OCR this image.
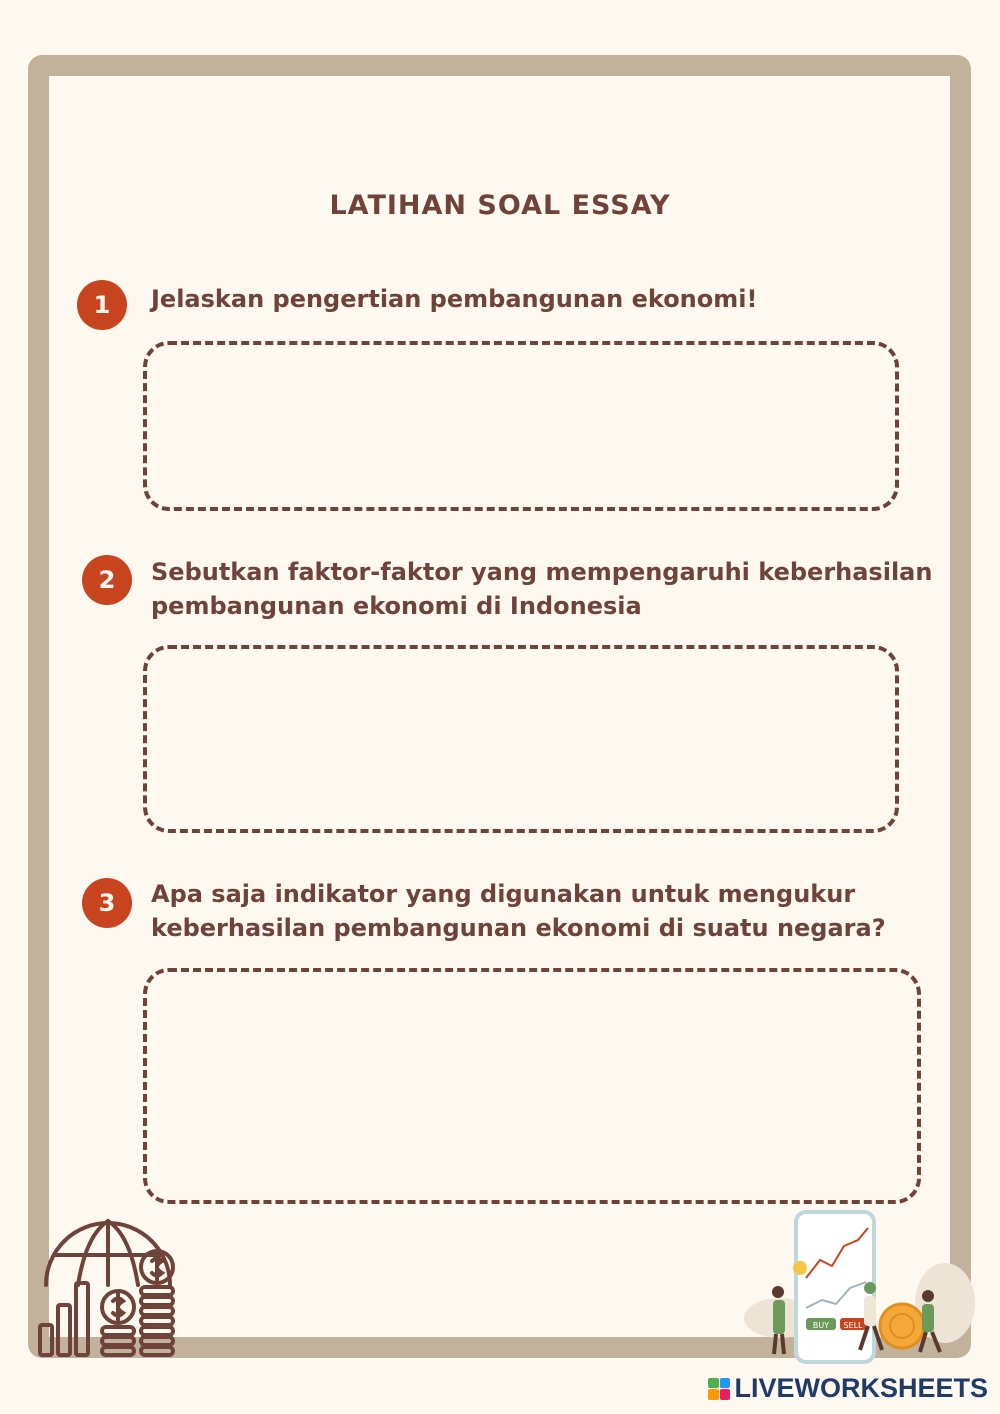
LATIHAN SOAL ESSAY
1	Jelaskan pengertian pembangunan ekonomi!
2	Sebutkan faktor-faktor yang mempengaruhi keberhasilan pembangunan ekonomi di Indonesia
3	Apa saja indikator yang digunakan untuk mengukur keberhasilan pembangunan ekonomi di suatu negara?
BUY SELL
LIVEWORKSHEETS
